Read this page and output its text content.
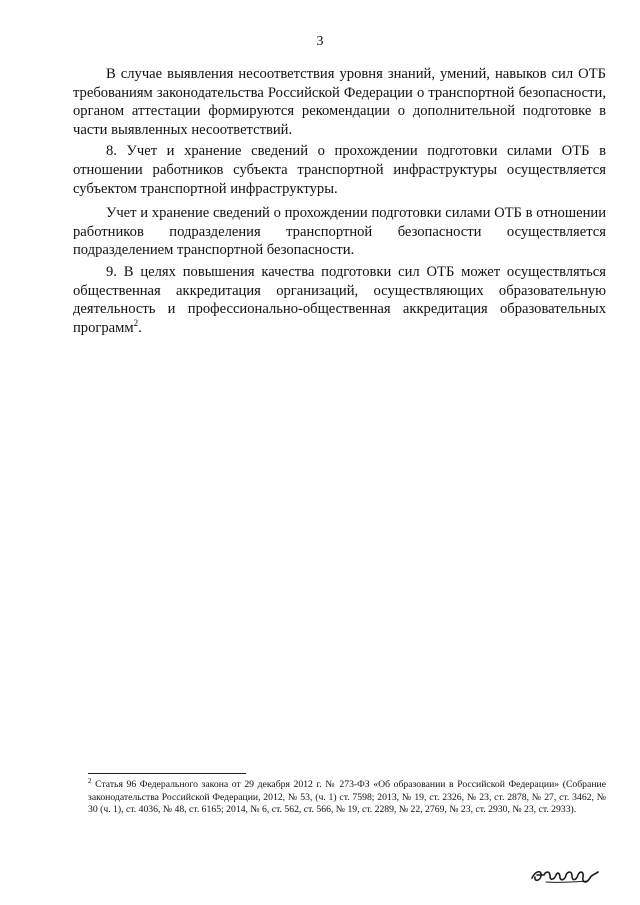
3

В случае выявления несоответствия уровня знаний, умений, навыков сил ОТБ требованиям законодательства Российской Федерации о транспортной безопасности, органом аттестации формируются рекомендации о дополнительной подготовке в части выявленных несоответствий.

8. Учет и хранение сведений о прохождении подготовки силами ОТБ в отношении работников субъекта транспортной инфраструктуры осуществляется субъектом транспортной инфраструктуры.

Учет и хранение сведений о прохождении подготовки силами ОТБ в отношении работников подразделения транспортной безопасности осуществляется подразделением транспортной безопасности.

9. В целях повышения качества подготовки сил ОТБ может осуществляться общественная аккредитация организаций, осуществляющих образовательную деятельность и профессионально-общественная аккредитация образовательных программ$^2$.

$^2$ Статья 96 Федерального закона от 29 декабря 2012 г. № 273-ФЗ «Об образовании в Российской Федерации» (Собрание законодательства Российской Федерации, 2012, № 53, (ч. 1) ст. 7598; 2013, № 19, ст. 2326, № 23, ст. 2878, № 27, ст. 3462, № 30 (ч. 1), ст. 4036, № 48, ст. 6165; 2014, № 6, ст. 562, ст. 566, № 19, ст. 2289, № 22, 2769, № 23, ст. 2930, № 23, ст. 2933).
